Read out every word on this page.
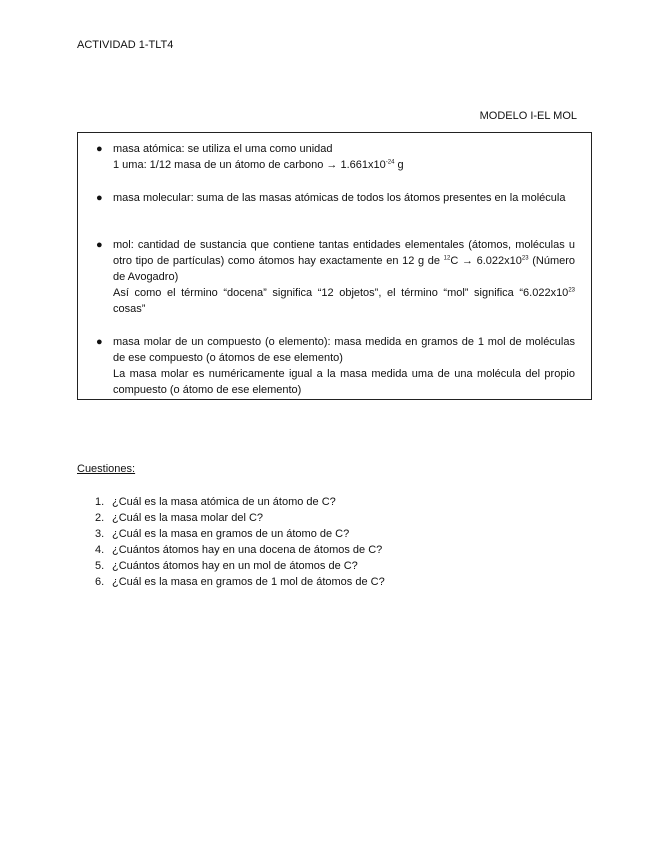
ACTIVIDAD 1-TLT4
MODELO I-EL MOL
● masa atómica: se utiliza el uma como unidad
1 uma: 1/12 masa de un átomo de carbono → $1.661x10^{-24}$ g
● masa molecular: suma de las masas atómicas de todos los átomos presentes en la molécula
● mol: cantidad de sustancia que contiene tantas entidades elementales (átomos, moléculas u otro tipo de partículas) como átomos hay exactamente en 12 g de $^{12}C \to 6.022x10^{23}$ (Número de Avogadro)
Así como el término “docena” significa “12 objetos”, el término “mol” significa “$6.022x10^{23}$ cosas”
● masa molar de un compuesto (o elemento): masa medida en gramos de 1 mol de moléculas de ese compuesto (o átomos de ese elemento)
La masa molar es numéricamente igual a la masa medida uma de una molécula del propio compuesto (o átomo de ese elemento)
Cuestiones:
1. ¿Cuál es la masa atómica de un átomo de C?
2. ¿Cuál es la masa molar del C?
3. ¿Cuál es la masa en gramos de un átomo de C?
4. ¿Cuántos átomos hay en una docena de átomos de C?
5. ¿Cuántos átomos hay en un mol de átomos de C?
6. ¿Cuál es la masa en gramos de 1 mol de átomos de C?
